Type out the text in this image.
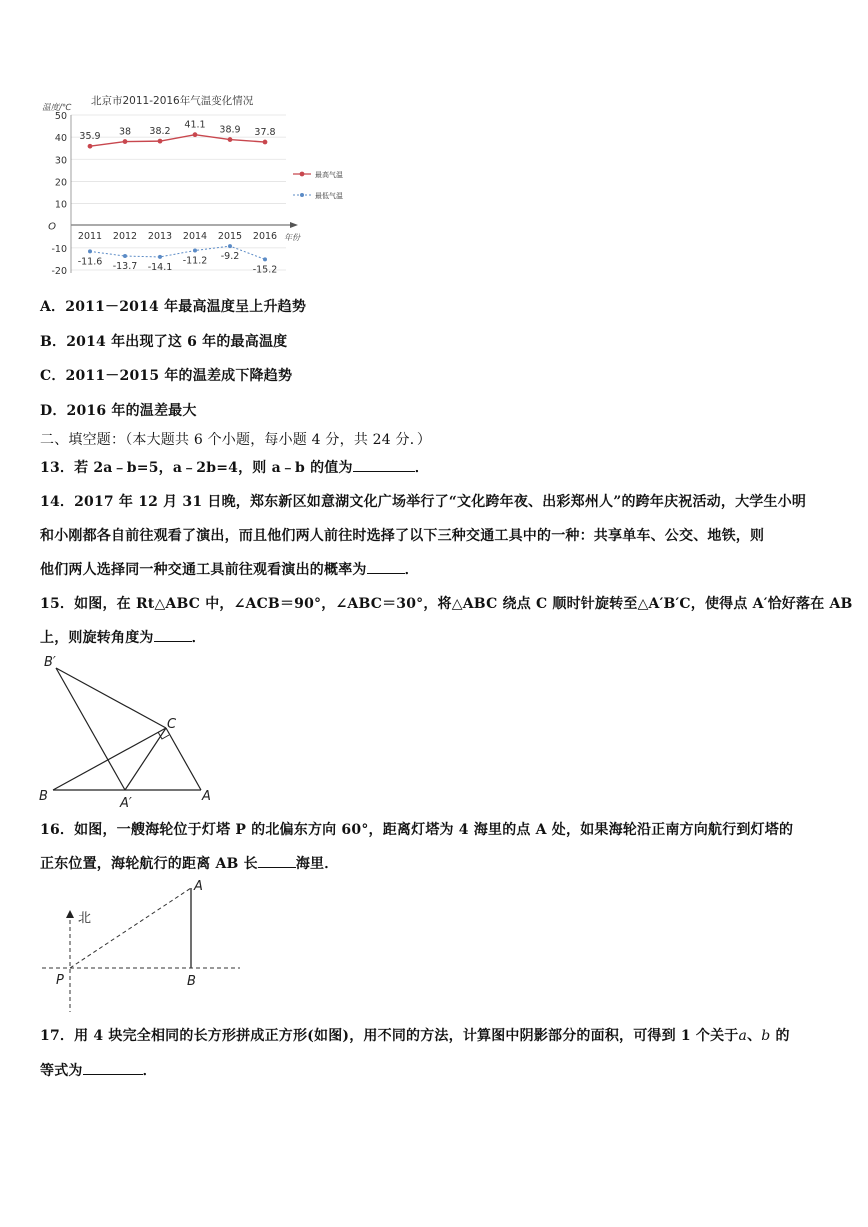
北京市2011-2016年气温变化情况
温度/℃
50
40
30
20
10
O
-10
-20
2011 2012 2013 2014 2015 2016 年份
35.9 38 38.2
41.1 38.9 37.8
-11.6 -13.7 -14.1
-11.2 -9.2
-15.2
最高气温
最低气温
A．2011－2014 年最高温度呈上升趋势
B．2014 年出现了这 6 年的最高温度
C．2011－2015 年的温差成下降趋势
D．2016 年的温差最大
二、填空题：（本大题共 6 个小题，每小题 4 分，共 24 分．）
13．若 2a﹣b=5，a﹣2b=4，则 a﹣b 的值为	．
14．2017 年 12 月 31 日晚，郑东新区如意湖文化广场举行了“文化跨年夜、出彩郑州人”的跨年庆祝活动，大学生小明
和小刚都各自前往观看了演出，而且他们两人前往时选择了以下三种交通工具中的一种：共享单车、公交、地铁，则
他们两人选择同一种交通工具前往观看演出的概率为	．
15．如图，在 Rt△ABC 中，∠ACB＝90°，∠ABC＝30°，将△ABC 绕点 C 顺时针旋转至△A′B′C，使得点 A′恰好落在 AB
上，则旋转角度为	．
B′
C
B	A′	A
16．如图，一艘海轮位于灯塔 P 的北偏东方向 60°，距离灯塔为 4 海里的点 A 处，如果海轮沿正南方向航行到灯塔的
正东位置，海轮航行的距离 AB 长	海里．
北
A
P	B
17．用 4 块完全相同的长方形拼成正方形(如图)，用不同的方法，计算图中阴影部分的面积，可得到 1 个关于a、b 的
等式为	．
